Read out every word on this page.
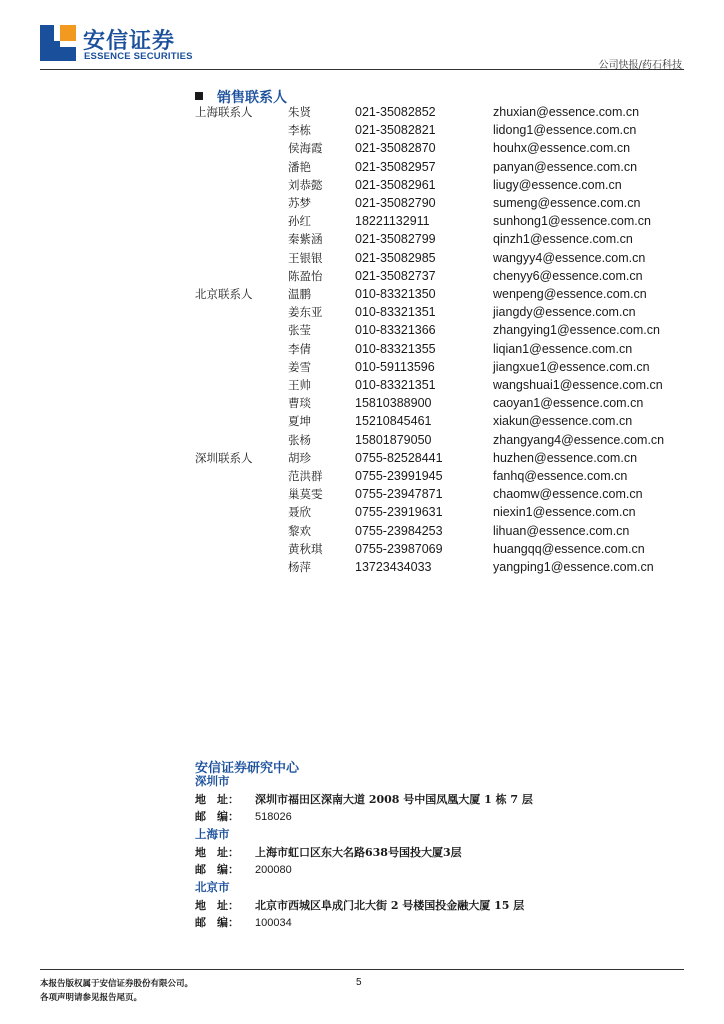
安信证券
ESSENCE SECURITIES
公司快报/药石科技
销售联系人
上海联系人	朱贤	021-35082852	zhuxian@essence.com.cn
李栋	021-35082821	lidong1@essence.com.cn
侯海霞	021-35082870	houhx@essence.com.cn
潘艳	021-35082957	panyan@essence.com.cn
刘恭懿	021-35082961	liugy@essence.com.cn
苏梦	021-35082790	sumeng@essence.com.cn
孙红	18221132911	sunhong1@essence.com.cn
秦紫涵	021-35082799	qinzh1@essence.com.cn
王银银	021-35082985	wangyy4@essence.com.cn
陈盈怡	021-35082737	chenyy6@essence.com.cn
北京联系人	温鹏	010-83321350	wenpeng@essence.com.cn
姜东亚	010-83321351	jiangdy@essence.com.cn
张莹	010-83321366	zhangying1@essence.com.cn
李倩	010-83321355	liqian1@essence.com.cn
姜雪	010-59113596	jiangxue1@essence.com.cn
王帅	010-83321351	wangshuai1@essence.com.cn
曹琰	15810388900	caoyan1@essence.com.cn
夏坤	15210845461	xiakun@essence.com.cn
张杨	15801879050	zhangyang4@essence.com.cn
深圳联系人	胡珍	0755-82528441	huzhen@essence.com.cn
范洪群	0755-23991945	fanhq@essence.com.cn
巢莫雯	0755-23947871	chaomw@essence.com.cn
聂欣	0755-23919631	niexin1@essence.com.cn
黎欢	0755-23984253	lihuan@essence.com.cn
黄秋琪	0755-23987069	huangqq@essence.com.cn
杨萍	13723434033	yangping1@essence.com.cn
安信证券研究中心
深圳市
地　址： 深圳市福田区深南大道 2008 号中国凤凰大厦 1 栋 7 层
邮　编： 518026
上海市
地　址： 上海市虹口区东大名路638号国投大厦3层
邮　编： 200080
北京市
地　址： 北京市西城区阜成门北大街 2 号楼国投金融大厦 15 层
邮　编： 100034
本报告版权属于安信证券股份有限公司。
各项声明请参见报告尾页。
5
